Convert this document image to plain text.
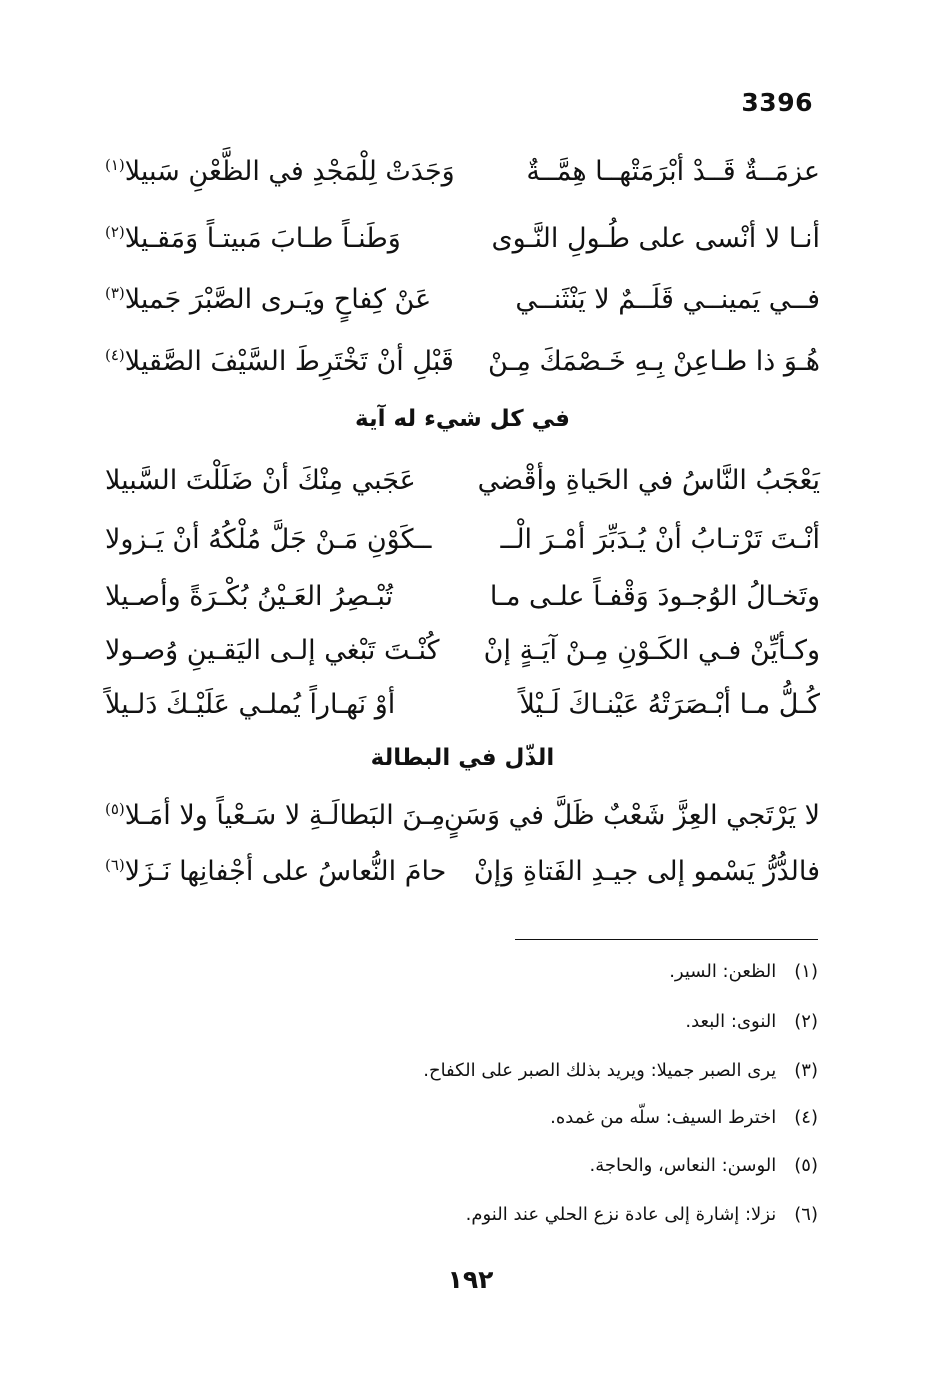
3396
عزمَــةٌ قَــدْ أبْرَمَتْهــا هِمَّــةٌ
وَجَدَتْ لِلْمَجْدِ في الظَّعْنِ سَبيلا$^{(١)}$
أنـا لا أنْسى على طُـولِ النَّـوى
وَطَنـاً طـابَ مَبيتـاً وَمَقـيلا$^{(٢)}$
فــي يَمينــي قَلَــمٌ لا يَنْثَنــي
عَنْ كِفاحٍ ويَـرى الصَّبْرَ جَميلا$^{(٣)}$
هُـوَ ذا طـاعِنْ بِـهِ خَـصْمَكَ مِـنْ
قَبْلِ أنْ تَخْتَرِطَ السَّيْفَ الصَّقيلا$^{(٤)}$
في كل شيء له آية
يَعْجَبُ النَّاسُ في الحَياةِ وأقْضي
عَجَبي مِنْكَ أنْ ضَلَلْتَ السَّبيلا
أنْـتَ تَرْتـابُ أنْ يُـدَبِّرَ أمْـرَ الْــ
ــكَوْنِ مَـنْ جَلَّ مُلْكُهُ أنْ يَـزولا
وتَخـالُ الوُجـودَ وَقْفـاً علـى مـا
تُبْـصِرُ العَـيْنُ بُكْـرَةً وأصـيلا
وكـأيِّنْ فـي الكَـوْنِ مِـنْ آيَـةٍ إنْ
كُنْـتَ تَبْغي إلـى اليَقـينِ وُصـولا
كُـلُّ مـا أبْـصَرَتْهُ عَيْنـاكَ لَـيْلاً
أوْ نَهـاراً يُملـي عَلَيْـكَ دَلـيلاً
الذّل في البطالة
لا يَرْتَجي العِزَّ شَعْبٌ ظَلَّ في وَسَنٍ
مِـنَ البَطالَـةِ لا سَـعْياً ولا أمَـلا$^{(٥)}$
فالدُّرُّ يَسْمو إلى جيـدِ الفَتاةِ وَإنْ
حامَ النُّعاسُ على أجْفانِها نَـزَلا$^{(٦)}$
(١) الظعن: السير.
(٢) النوى: البعد.
(٣) يرى الصبر جميلا: ويريد بذلك الصبر على الكفاح.
(٤) اخترط السيف: سلّه من غمده.
(٥) الوسن: النعاس، والحاجة.
(٦) نزلا: إشارة إلى عادة نزع الحلي عند النوم.
١٩٢
